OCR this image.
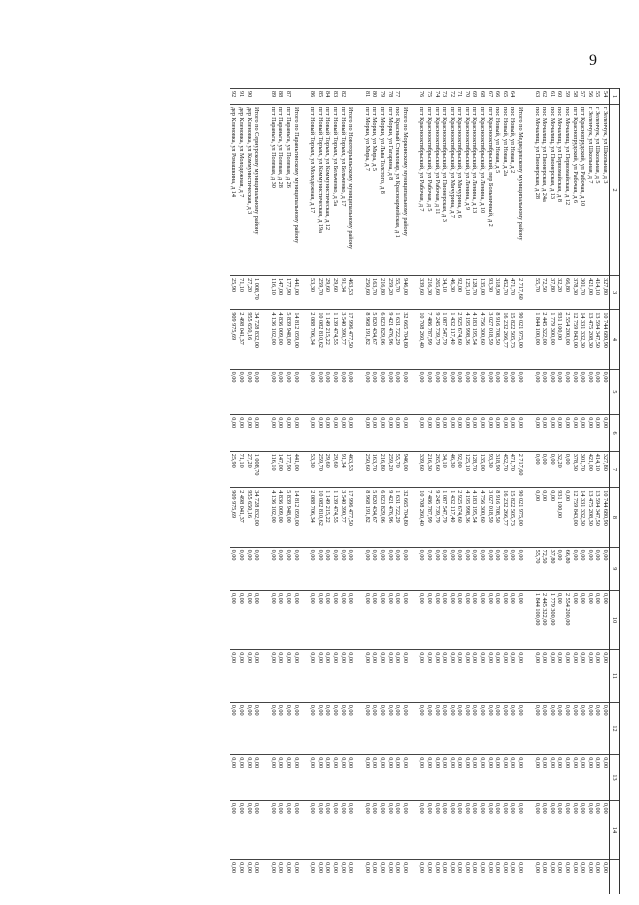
9
1	2	3	4	5	6	7	8	9	10	11	12	13	14	
54	г Зеленчук, ул Школьная, д 3	327,80	10 744 680,90	0,00	0,00	327,80	10 744 680,90	0,00	0,00	0,00	0,00	0,00	0,00	0,00
55	г Зеленчук, ул Школьная, д 5	414,10	13 594 347,50	0,00	0,00	414,10	13 594 347,50	0,00	0,00	0,00	0,00	0,00	0,00	0,00
56	г Зеленчук, ул Школьная, д 7	421,00	13 475 208,30	0,00	0,00	421,00	13 475 208,30	0,00	0,00	0,00	0,00	0,00	0,00	0,00
57	пгт Краснопрудский, ул Рабочая, д 10	301,70	14 331 332,30	0,00	0,00	301,70	14 331 332,30	0,00	0,00	0,00	0,00	0,00	0,00	0,00
58	пгт Краснопрудский, ул Рабочая, д 6	378,30	12 759 843,00	0,00	0,00	378,30	12 759 843,00	0,00	0,00	0,00	0,00	0,00	0,00	0,00
59	пос Мочалищ, ул Первомайская, д 12	66,80	2 554 200,00	0,00	0,00	0,00	0,00	66,80	2 554 200,00	0,00	0,00	0,00	0,00	0,00
60	пос Мочалищ, ул Первомайская, д 8	32,20	931 100,00	0,00	0,00	32,20	931 100,00	0,00	0,00	0,00	0,00	0,00	0,00	0,00
61	пос Мочалищ, ул Пионерская, д 13	37,80	1 779 300,00	0,00	0,00	0,00	0,00	37,80	1 779 300,00	0,00	0,00	0,00	0,00	0,00
62	пос Мочалищ, ул Пионерская, д 24а	72,50	2 445 322,00	0,00	0,00	0,00	0,00	72,50	2 445 322,00	0,00	0,00	0,00	0,00	0,00
63	пос Мочалищ, ул Пионерская, д 28	55,70	1 844 100,00	0,00	0,00	0,00	0,00	55,70	1 844 100,00	0,00	0,00	0,00	0,00	0,00

	Итого по Медведевскому муниципальному району	2 717,60	90 021 975,00	0,00	0,00	2 717,60	90 021 975,00	0,00	0,00	0,00	0,00	0,00	0,00	0,00
64	пос Новый, ул Новая, д 2	471,70	15 822 505,73	0,00	0,00	471,70	15 822 505,73	0,00	0,00	0,00	0,00	0,00	0,00	0,00
65	пос Новый, ул Новая, д 2а	452,70	16 232 266,77	0,00	0,00	452,70	16 232 266,77	0,00	0,00	0,00	0,00	0,00	0,00	0,00
66	пос Новый, ул Новая, д 5	318,90	8 916 708,50	0,00	0,00	318,90	8 916 708,50	0,00	0,00	0,00	0,00	0,00	0,00	0,00
67	пгт Краснооктябрьский, пер Больничный, д 2	93,30	3 027 018,59	0,00	0,00	93,30	3 027 018,59	0,00	0,00	0,00	0,00	0,00	0,00	0,00
68	пгт Краснооктябрьский, ул Ленина, д 10	135,00	4 756 300,60	0,00	0,00	135,00	4 756 300,60	0,00	0,00	0,00	0,00	0,00	0,00	0,00
69	пгт Краснооктябрьский, ул Ленина, д 13	128,70	4 183 195,54	0,00	0,00	128,70	4 183 195,54	0,00	0,00	0,00	0,00	0,00	0,00	0,00
70	пгт Краснооктябрьский, ул Ленина, д 9	125,10	4 195 998,36	0,00	0,00	125,10	4 195 998,36	0,00	0,00	0,00	0,00	0,00	0,00	0,00
71	пгт Краснооктябрьский, ул Мичурина, д 6	92,00	2 925 674,60	0,00	0,00	92,00	2 925 674,60	0,00	0,00	0,00	0,00	0,00	0,00	0,00
72	пгт Краснооктябрьский, ул Мичурина, д 7	46,30	1 432 117,40	0,00	0,00	46,30	1 432 117,40	0,00	0,00	0,00	0,00	0,00	0,00	0,00
73	пгт Краснооктябрьский, ул Пионерская, д 3	34,10	1 087 547,79	0,00	0,00	34,10	1 087 547,79	0,00	0,00	0,00	0,00	0,00	0,00	0,00
74	пгт Краснооктябрьский, ул Рабочая, д 11	265,60	9 245 739,79	0,00	0,00	265,60	9 245 739,79	0,00	0,00	0,00	0,00	0,00	0,00	0,00
75	пгт Краснооктябрьский, ул Рабочая, д 5	216,30	7 486 787,99	0,00	0,00	216,30	7 486 787,99	0,00	0,00	0,00	0,00	0,00	0,00	0,00
76	пгт Краснооктябрьский, ул Рабочая, д 7	339,60	10 708 260,40	0,00	0,00	339,60	10 708 260,40	0,00	0,00	0,00	0,00	0,00	0,00	0,00

	Итого по Моркинскому муниципальному району	946,00	32 665 704,80	0,00	0,00	946,00	32 665 704,80	0,00	0,00	0,00	0,00	0,00	0,00	0,00
77	пос Красный Стекловар, ул Красноармейская, д 1	55,70	1 631 722,29	0,00	0,00	55,70	1 631 722,29	0,00	0,00	0,00	0,00	0,00	0,00	0,00
78	пгт Морки, ул Гагарина, д 8	259,20	9 421 476,96	0,00	0,00	259,20	9 421 476,96	0,00	0,00	0,00	0,00	0,00	0,00	0,00
79	пгт Морки, ул Льва Толстого, д 8	216,80	6 823 829,06	0,00	0,00	216,80	6 823 829,06	0,00	0,00	0,00	0,00	0,00	0,00	0,00
80	пгт Морки, ул Мира, д 5	163,70	5 820 434,67	0,00	0,00	163,70	5 820 434,67	0,00	0,00	0,00	0,00	0,00	0,00	0,00
81	пгт Морки, ул Мира, д 7	250,60	8 968 191,82	0,00	0,00	250,60	8 968 191,82	0,00	0,00	0,00	0,00	0,00	0,00	0,00

	Итого по Новоторъяльскому муниципальному району	463,53	17 996 477,50	0,00	0,00	463,53	17 996 477,50	0,00	0,00	0,00	0,00	0,00	0,00	0,00
82	пгт Новый Торъял, ул Бельченко, д 17	91,34	3 540 390,77	0,00	0,00	91,34	3 540 390,77	0,00	0,00	0,00	0,00	0,00	0,00	0,00
83	пгт Новый Торъял, ул Бельченко, д 5а	29,60	1 139 474,55	0,00	0,00	29,60	1 139 474,55	0,00	0,00	0,00	0,00	0,00	0,00	0,00
84	пгт Новый Торъял, ул Коммунистическая, д 12	29,60	1 149 215,22	0,00	0,00	29,60	1 149 215,22	0,00	0,00	0,00	0,00	0,00	0,00	0,00
85	пгт Новый Торъял, ул Коммунистическая, д 19а	259,70	10 082 810,62	0,00	0,00	259,70	10 082 810,62	0,00	0,00	0,00	0,00	0,00	0,00	0,00
86	пгт Новый Торъял, ул Молодежная, д 17	53,30	2 088 706,34	0,00	0,00	53,30	2 088 706,34	0,00	0,00	0,00	0,00	0,00	0,00	0,00

	Итого по Параньгинскому муниципальному району	441,00	14 812 059,00	0,00	0,00	441,00	14 812 059,00	0,00	0,00	0,00	0,00	0,00	0,00	0,00
87	пгт Параньга, ул Полевая, д 26	177,90	5 839 948,00	0,00	0,00	177,90	5 839 948,00	0,00	0,00	0,00	0,00	0,00	0,00	0,00
88	пгт Параньга, ул Полевая, д 28	147,00	4 836 009,00	0,00	0,00	147,00	4 836 009,00	0,00	0,00	0,00	0,00	0,00	0,00	0,00
89	пгт Параньга, ул Полевая, д 30	116,10	4 136 102,00	0,00	0,00	116,10	4 136 102,00	0,00	0,00	0,00	0,00	0,00	0,00	0,00

	Итого по Сернурскому муниципальному району	1 008,70	34 728 832,00	0,00	0,00	1 008,70	34 728 832,00	0,00	0,00	0,00	0,00	0,00	0,00	0,00
90	дер Кленовка, ул Коммунистическая, д 3	27,20	955 650,16	0,00	0,00	27,20	955 650,16	0,00	0,00	0,00	0,00	0,00	0,00	0,00
91	дер Кленовка, ул Молодежная, д 7	71,10	2 498 041,37	0,00	0,00	71,10	2 498 041,37	0,00	0,00	0,00	0,00	0,00	0,00	0,00
92	дер Кленовка, ул Ромашкина, д 14	25,90	909 975,69	0,00	0,00	25,90	909 975,69	0,00	0,00	0,00	0,00	0,00	0,00	0,00
